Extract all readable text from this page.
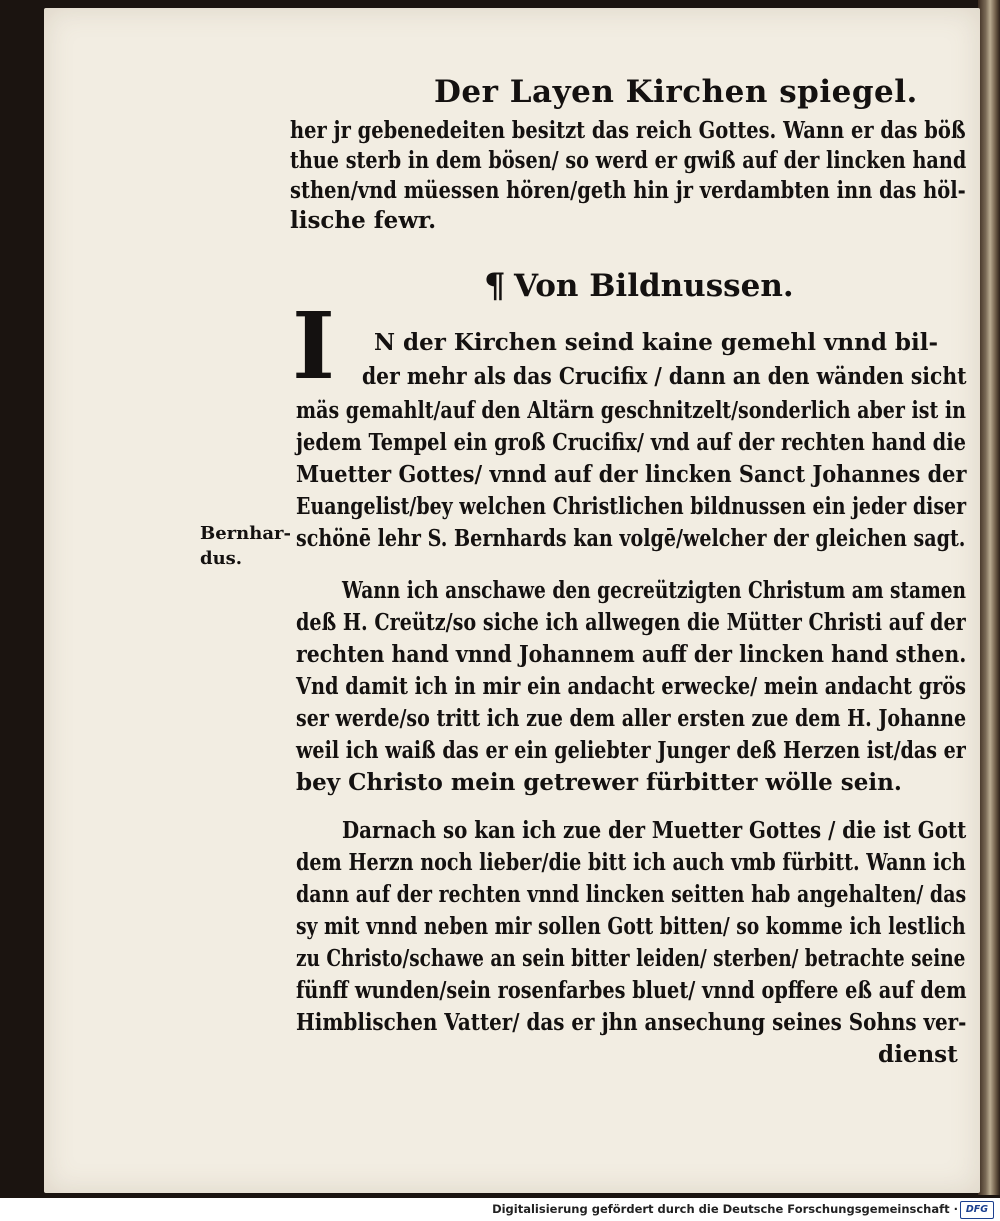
Der Layen Kirchen spiegel.
her jr gebenedeiten besitzt das reich Gottes. Wann er das böß
thue sterb in dem bösen/ so werd er gwiß auf der lincken hand
sthen/vnd müessen hören/geth hin jr verdambten inn das höl-
lische fewr.
¶ Von Bildnussen.
I N der Kirchen seind kaine gemehl vnnd bil-
der mehr als das Crucifix / dann an den wänden sicht
mäs gemahlt/auf den Altärn geschnitzelt/sonderlich aber ist in
jedem Tempel ein groß Crucifix/ vnd auf der rechten hand die
Muetter Gottes/ vnnd auf der lincken Sanct Johannes der
Euangelist/bey welchen Christlichen bildnussen ein jeder diser
schönē lehr S. Bernhards kan volgē/welcher der gleichen sagt.
Bernhar-
dus.
Wann ich anschawe den gecreützigten Christum am stamen
deß H. Creütz/so siche ich allwegen die Mütter Christi auf der
rechten hand vnnd Johannem auff der lincken hand sthen.
Vnd damit ich in mir ein andacht erwecke/ mein andacht grös
ser werde/so tritt ich zue dem aller ersten zue dem H. Johanne
weil ich waiß das er ein geliebter Junger deß Herzen ist/das er
bey Christo mein getrewer fürbitter wölle sein.
Darnach so kan ich zue der Muetter Gottes / die ist Gott
dem Herzn noch lieber/die bitt ich auch vmb fürbitt. Wann ich
dann auf der rechten vnnd lincken seitten hab angehalten/ das
sy mit vnnd neben mir sollen Gott bitten/ so komme ich lestlich
zu Christo/schawe an sein bitter leiden/ sterben/ betrachte seine
fünff wunden/sein rosenfarbes bluet/ vnnd opffere eß auf dem
Himblischen Vatter/ das er jhn ansechung seines Sohns ver-
dienst
Digitalisierung gefördert durch die Deutsche Forschungsgemeinschaft · DFG
